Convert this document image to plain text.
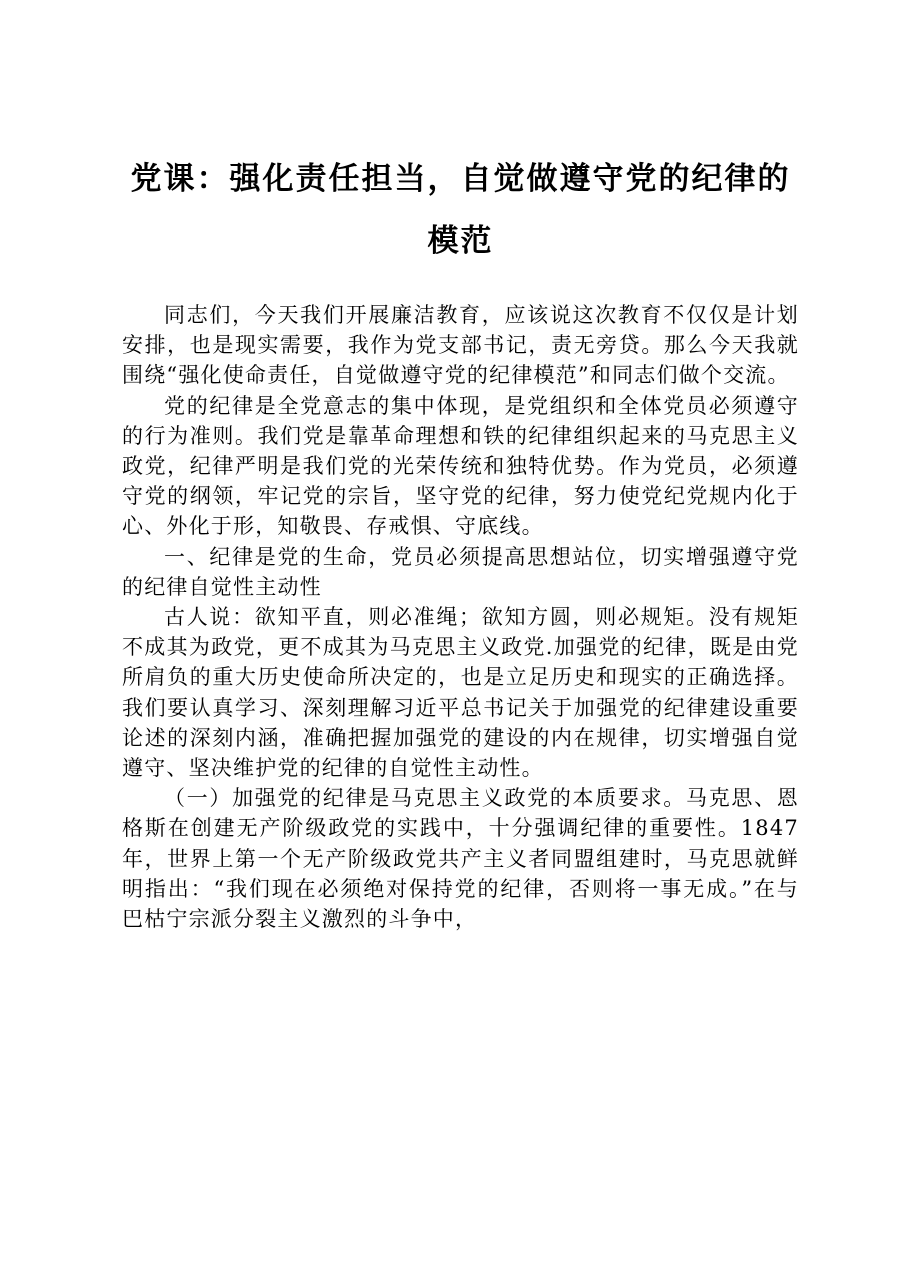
党课：强化责任担当，自觉做遵守党的纪律的模范

同志们，今天我们开展廉洁教育，应该说这次教育不仅仅是计划安排，也是现实需要，我作为党支部书记，责无旁贷。那么今天我就围绕“强化使命责任，自觉做遵守党的纪律模范”和同志们做个交流。

党的纪律是全党意志的集中体现，是党组织和全体党员必须遵守的行为准则。我们党是靠革命理想和铁的纪律组织起来的马克思主义政党，纪律严明是我们党的光荣传统和独特优势。作为党员，必须遵守党的纲领，牢记党的宗旨，坚守党的纪律，努力使党纪党规内化于心、外化于形，知敬畏、存戒惧、守底线。

一、纪律是党的生命，党员必须提高思想站位，切实增强遵守党的纪律自觉性主动性

古人说：欲知平直，则必准绳；欲知方圆，则必规矩。没有规矩不成其为政党，更不成其为马克思主义政党.加强党的纪律，既是由党所肩负的重大历史使命所决定的，也是立足历史和现实的正确选择。我们要认真学习、深刻理解习近平总书记关于加强党的纪律建设重要论述的深刻内涵，准确把握加强党的建设的内在规律，切实增强自觉遵守、坚决维护党的纪律的自觉性主动性。

（一）加强党的纪律是马克思主义政党的本质要求。马克思、恩格斯在创建无产阶级政党的实践中，十分强调纪律的重要性。1847年，世界上第一个无产阶级政党共产主义者同盟组建时，马克思就鲜明指出：“我们现在必须绝对保持党的纪律，否则将一事无成。”在与巴枯宁宗派分裂主义激烈的斗争中，
